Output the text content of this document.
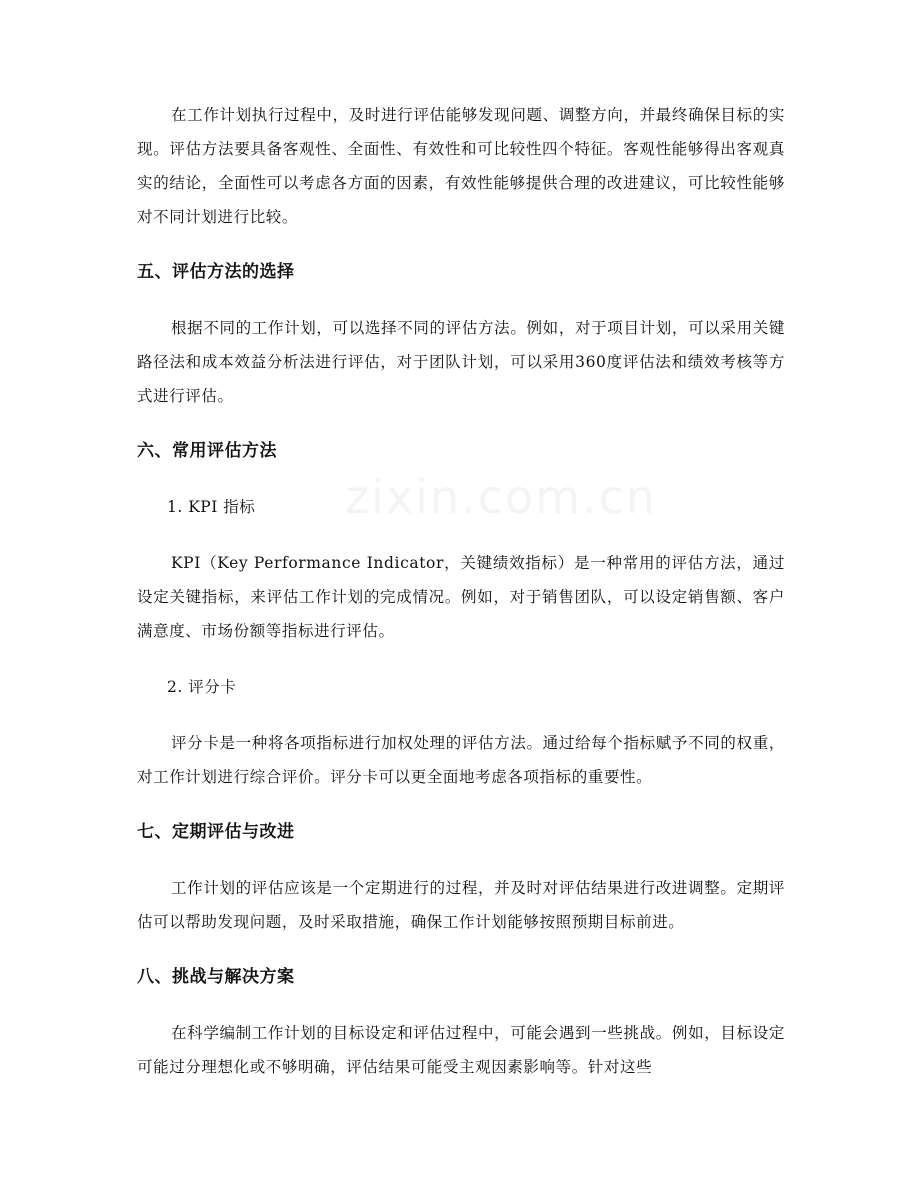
zixin.com.cn

在工作计划执行过程中，及时进行评估能够发现问题、调整方向，并最终确保目标的实现。评估方法要具备客观性、全面性、有效性和可比较性四个特征。客观性能够得出客观真实的结论，全面性可以考虑各方面的因素，有效性能够提供合理的改进建议，可比较性能够对不同计划进行比较。

五、评估方法的选择

根据不同的工作计划，可以选择不同的评估方法。例如，对于项目计划，可以采用关键路径法和成本效益分析法进行评估，对于团队计划，可以采用360度评估法和绩效考核等方式进行评估。

六、常用评估方法
1. KPI 指标

KPI（Key Performance Indicator，关键绩效指标）是一种常用的评估方法，通过设定关键指标，来评估工作计划的完成情况。例如，对于销售团队，可以设定销售额、客户满意度、市场份额等指标进行评估。

2. 评分卡

评分卡是一种将各项指标进行加权处理的评估方法。通过给每个指标赋予不同的权重，对工作计划进行综合评价。评分卡可以更全面地考虑各项指标的重要性。

七、定期评估与改进

工作计划的评估应该是一个定期进行的过程，并及时对评估结果进行改进调整。定期评估可以帮助发现问题，及时采取措施，确保工作计划能够按照预期目标前进。

八、挑战与解决方案

在科学编制工作计划的目标设定和评估过程中，可能会遇到一些挑战。例如，目标设定可能过分理想化或不够明确，评估结果可能受主观因素影响等。针对这些
